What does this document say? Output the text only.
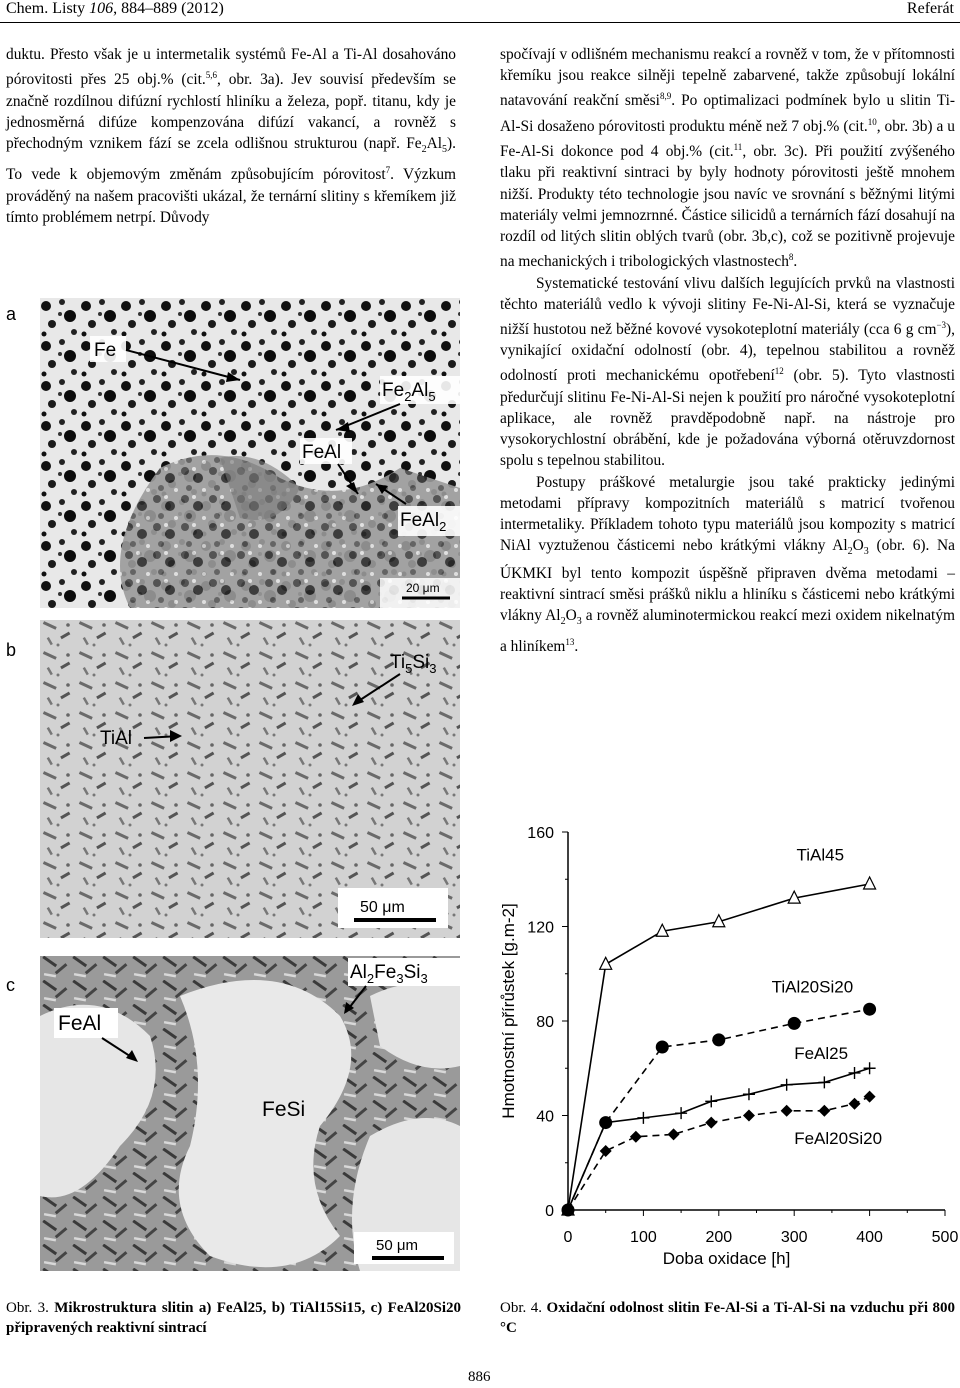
Chem. Listy 106, 884–889 (2012)	Referát

duktu. Přesto však je u intermetalik systémů Fe-Al a Ti-Al dosahováno pórovitosti přes 25 obj.% (cit.$^{5,6}$, obr. 3a). Jev souvisí především se značně rozdílnou difúzní rychlostí hliníku a železa, popř. titanu, kdy je jednosměrná difúze kompenzována difúzí vakancí, a rovněž s přechodným vznikem fází se zcela odlišnou strukturou (např. $Fe_2Al_5$). To vede k objemovým změnám způsobujícím pórovitost$^7$. Výzkum prováděný na našem pracovišti ukázal, že ternární slitiny s křemíkem již tímto problémem netrpí. Důvody

a
b
c
20 μm
Fe
FeAl
$Fe_2Al_5$
FeAl$_2$
TiAl
$Ti_5Si_3$
50 μm
FeAl
FeSi
$Al_2Fe_3Si_3$
50 μm

spočívají v odlišném mechanismu reakcí a rovněž v tom, že v přítomnosti křemíku jsou reakce silněji tepelně zabarvené, takže způsobují lokální natavování reakční směsi$^{8,9}$. Po optimalizaci podmínek bylo u slitin Ti-Al-Si dosaženo pórovitosti produktu méně než 7 obj.% (cit.$^{10}$, obr. 3b) a u Fe-Al-Si dokonce pod 4 obj.% (cit.$^{11}$, obr. 3c). Při použití zvýšeného tlaku při reaktivní sintraci by byly hodnoty pórovitosti ještě mnohem nižší. Produkty této technologie jsou navíc ve srovnání s běžnými litými materiály velmi jemnozrnné. Částice silicidů a ternárních fází dosahují na rozdíl od litých slitin oblých tvarů (obr. 3b,c), což se pozitivně projevuje na mechanických i tribologických vlastnostech$^8$.

Systematické testování vlivu dalších legujících prvků na vlastnosti těchto materiálů vedlo k vývoji slitiny Fe-Ni-Al-Si, která se vyznačuje nižší hustotou než běžné kovové vysokoteplotní materiály (cca 6 g $cm^{-3}$), vynikající oxidační odolností (obr. 4), tepelnou stabilitou a rovněž odolností proti mechanickému opotřebení$^{12}$ (obr. 5). Tyto vlastnosti předurčují slitinu Fe-Ni-Al-Si nejen k použití pro náročné vysokoteplotní aplikace, ale rovněž pravděpodobně např. na nástroje pro vysokorychlostní obrábění, kde je požadována výborná otěruvzdornost spolu s tepelnou stabilitou.

Postupy práškové metalurgie jsou také prakticky jedinými metodami přípravy kompozitních materiálů s matricí tvořenou intermetaliky. Příkladem tohoto typu materiálů jsou kompozity s matricí NiAl vyztuženou částicemi nebo krátkými vlákny $Al_2O_3$ (obr. 6). Na ÚKMKI byl tento kompozit úspěšně připraven dvěma metodami – reaktivní sintrací směsi prášků niklu a hliníku s částicemi nebo krátkými vlákny $Al_2O_3$ a rovněž aluminotermickou reakcí mezi oxidem nikelnatým a hliníkem$^{13}$.

0	100	200	300	400	500
0
40
80
120
160
Doba oxidace [h]
Hmotnostní přírůstek [g.m-2]
TiAl45
TiAl20Si20
FeAl25
FeAl20Si20
Obr. 3. Mikrostruktura slitin a) FeAl25, b) TiAl15Si15, c) FeAl20Si20 připravených reaktivní sintrací
Obr. 4. Oxidační odolnost slitin Fe-Al-Si a Ti-Al-Si na vzduchu při 800 °C
886
